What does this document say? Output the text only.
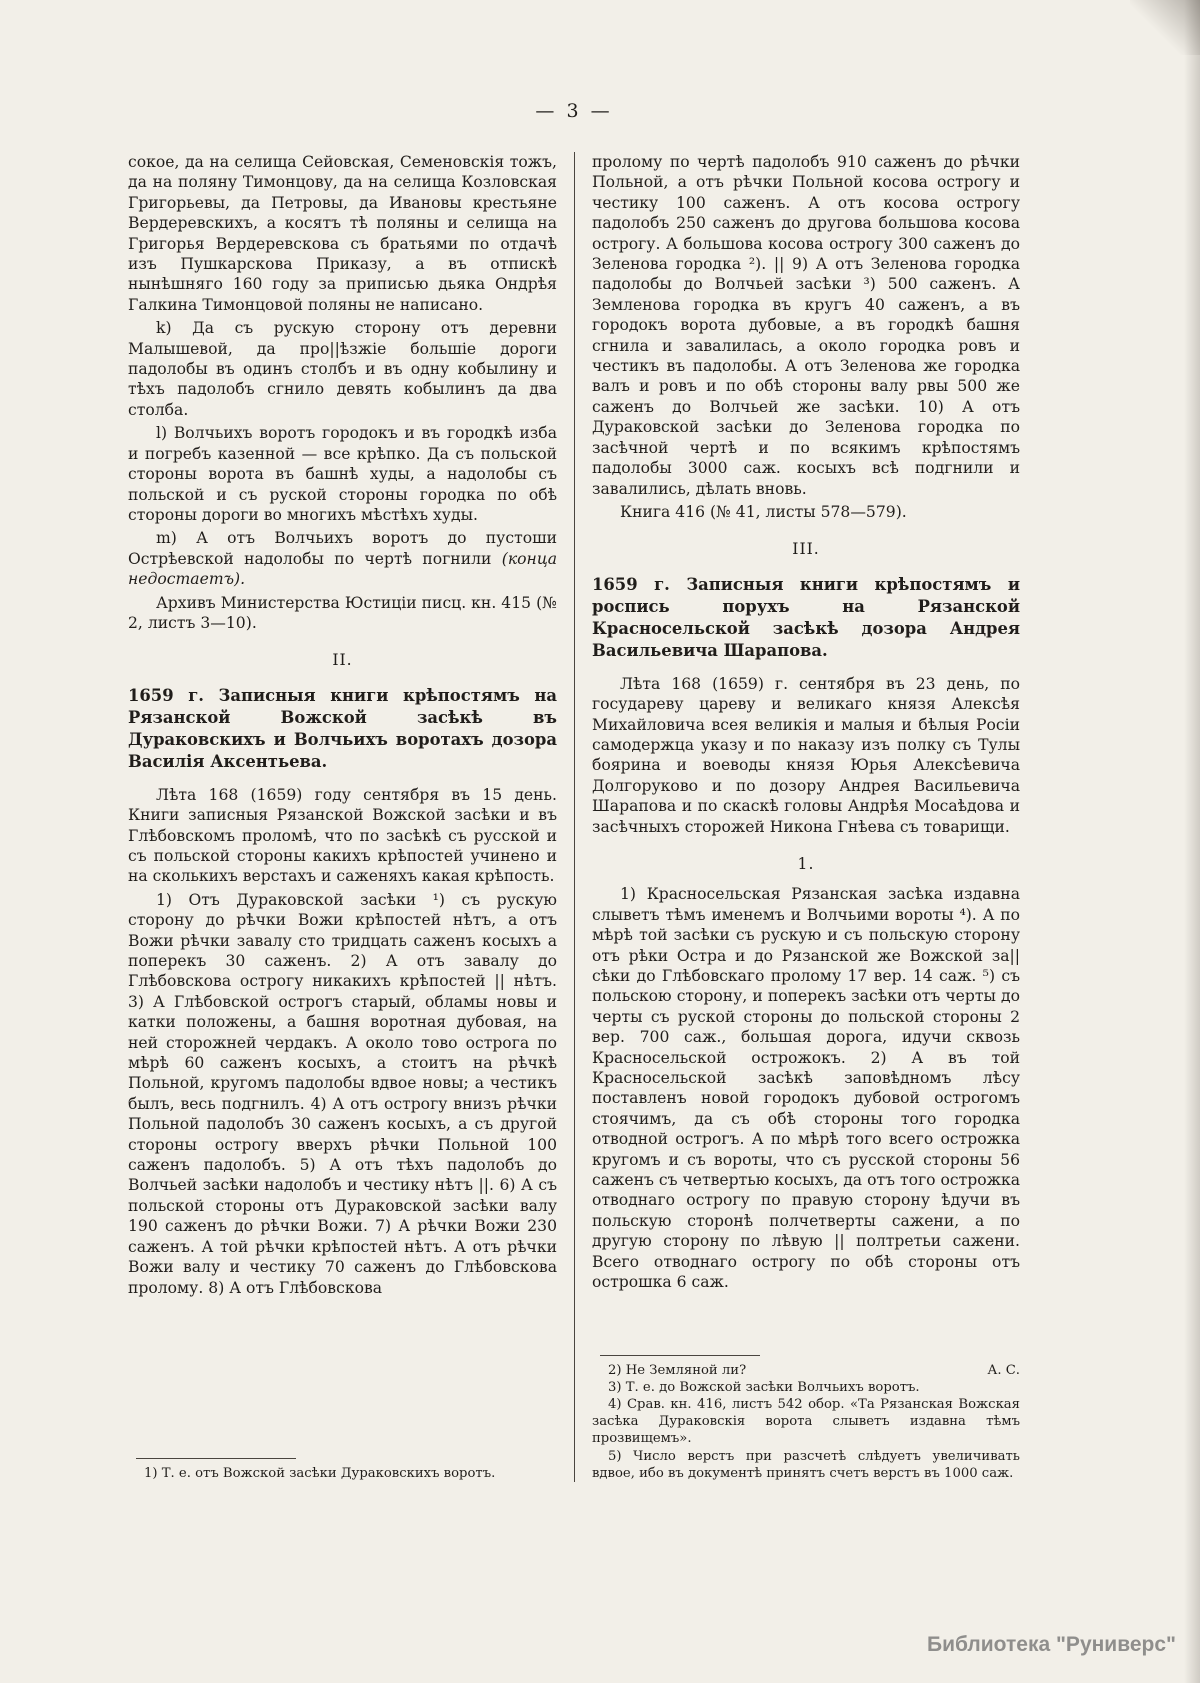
— 3 —

сокое, да на селища Сейовская, Семеновскія тожъ, да на поляну Тимонцову, да на селища Козловская Григорьевы, да Петровы, да Ивановы крестьяне Вердеревскихъ, а косятъ тѣ поляны и селища на Григорья Вердеревскова съ братьями по отдачѣ изъ Пушкарскова Приказу, а въ отпискѣ нынѣшняго 160 году за приписью дьяка Ондрѣя Галкина Тимонцовой поляны не написано.

k) Да съ рускую сторону отъ деревни Малышевой, да про||ѣзжіе большіе дороги падолобы въ одинъ столбъ и въ одну кобылину и тѣхъ падолобъ сгнило девять кобылинъ да два столба.

l) Волчьихъ воротъ городокъ и въ городкѣ изба и погребъ казенной — все крѣпко. Да съ польской стороны ворота въ башнѣ худы, а надолобы съ польской и съ руской стороны городка по обѣ стороны дороги во многихъ мѣстѣхъ худы.

m) А отъ Волчьихъ воротъ до пустоши Острѣевской надолобы по чертѣ погнили (конца недостаетъ).

Архивъ Министерства Юстиціи писц. кн. 415 (№ 2, листъ 3—10).

II.

1659 г. Записныя книги крѣпостямъ на Рязанской Вожской засѣкѣ въ Дураковскихъ и Волчьихъ воротахъ дозора Василія Аксентьева.

Лѣта 168 (1659) году сентября въ 15 день. Книги записныя Рязанской Вожской засѣки и въ Глѣбовскомъ проломѣ, что по засѣкѣ съ русской и съ польской стороны какихъ крѣпостей учинено и на сколькихъ верстахъ и саженяхъ какая крѣпость.

1) Отъ Дураковской засѣки ¹) съ рускую сторону до рѣчки Вожи крѣпостей нѣтъ, а отъ Вожи рѣчки завалу сто тридцать саженъ косыхъ а поперекъ 30 саженъ. 2) А отъ завалу до Глѣбовскова острогу никакихъ крѣпостей || нѣтъ. 3) А Глѣбовской острогъ старый, обламы новы и катки положены, а башня воротная дубовая, на ней сторожней чердакъ. А около тово острога по мѣрѣ 60 саженъ косыхъ, а стоитъ на рѣчкѣ Польной, кругомъ падолобы вдвое новы; а честикъ былъ, весь подгнилъ. 4) А отъ острогу внизъ рѣчки Польной падолобъ 30 саженъ косыхъ, а съ другой стороны острогу вверхъ рѣчки Польной 100 саженъ падолобъ. 5) А отъ тѣхъ падолобъ до Волчьей засѣки надолобъ и честику нѣтъ ||. 6) А съ польской стороны отъ Дураковской засѣки валу 190 саженъ до рѣчки Вожи. 7) А рѣчки Вожи 230 саженъ. А той рѣчки крѣпостей нѣтъ. А отъ рѣчки Вожи валу и честику 70 саженъ до Глѣбовскова пролому. 8) А отъ Глѣбовскова

1) Т. е. отъ Вожской засѣки Дураковскихъ воротъ.

пролому по чертѣ падолобъ 910 саженъ до рѣчки Польной, а отъ рѣчки Польной косова острогу и честику 100 саженъ. А отъ косова острогу падолобъ 250 саженъ до другова большова косова острогу. А большова косова острогу 300 саженъ до Зеленова городка ²). || 9) А отъ Зеленова городка падолобы до Волчьей засѣки ³) 500 саженъ. А Земленова городка въ кругъ 40 саженъ, а въ городокъ ворота дубовые, а въ городкѣ башня сгнила и завалилась, а около городка ровъ и честикъ въ падолобы. А отъ Зеленова же городка валъ и ровъ и по обѣ стороны валу рвы 500 же саженъ до Волчьей же засѣки. 10) А отъ Дураковской засѣки до Зеленова городка по засѣчной чертѣ и по всякимъ крѣпостямъ падолобы 3000 саж. косыхъ всѣ подгнили и завалились, дѣлать вновь.

Книга 416 (№ 41, листы 578—579).

III.

1659 г. Записныя книги крѣпостямъ и роспись порухъ на Рязанской Красносельской засѣкѣ дозора Андрея Васильевича Шарапова.

Лѣта 168 (1659) г. сентября въ 23 день, по государеву цареву и великаго князя Алексѣя Михайловича всея великія и малыя и бѣлыя Росіи самодержца указу и по наказу изъ полку съ Тулы боярина и воеводы князя Юрья Алексѣевича Долгоруково и по дозору Андрея Васильевича Шарапова и по скаскѣ головы Андрѣя Мосаѣдова и засѣчныхъ сторожей Никона Гнѣева съ товарищи.

1.

1) Красносельская Рязанская засѣка издавна слыветъ тѣмъ именемъ и Волчьими вороты ⁴). А по мѣрѣ той засѣки съ рускую и съ польскую сторону отъ рѣки Остра и до Рязанской же Вожской за||сѣки до Глѣбовскаго пролому 17 вер. 14 саж. ⁵) съ польскою сторону, и поперекъ засѣки отъ черты до черты съ руской стороны до польской стороны 2 вер. 700 саж., большая дорога, идучи сквозь Красносельской острожокъ. 2) А въ той Красносельской засѣкѣ заповѣдномъ лѣсу поставленъ новой городокъ дубовой острогомъ стоячимъ, да съ обѣ стороны того городка отводной острогъ. А по мѣрѣ того всего острожка кругомъ и съ вороты, что съ русской стороны 56 саженъ съ четвертью косыхъ, да отъ того острожка отводнаго острогу по правую сторону ѣдучи въ польскую сторонѣ полчетверты сажени, а по другую сторону по лѣвую || полтретьи сажени. Всего отводнаго острогу по обѣ стороны отъ острошка 6 саж.

2) Не Земляной ли?	А. С.

3) Т. е. до Вожской засѣки Волчьихъ воротъ.

4) Срав. кн. 416, листъ 542 обор. «Та Рязанская Вожская засѣка Дураковскія ворота слыветъ издавна тѣмъ прозвищемъ».

5) Число верстъ при разсчетѣ слѣдуетъ увеличивать вдвое, ибо въ документѣ принятъ счетъ верстъ въ 1000 саж.

Библиотека "Руниверс"
